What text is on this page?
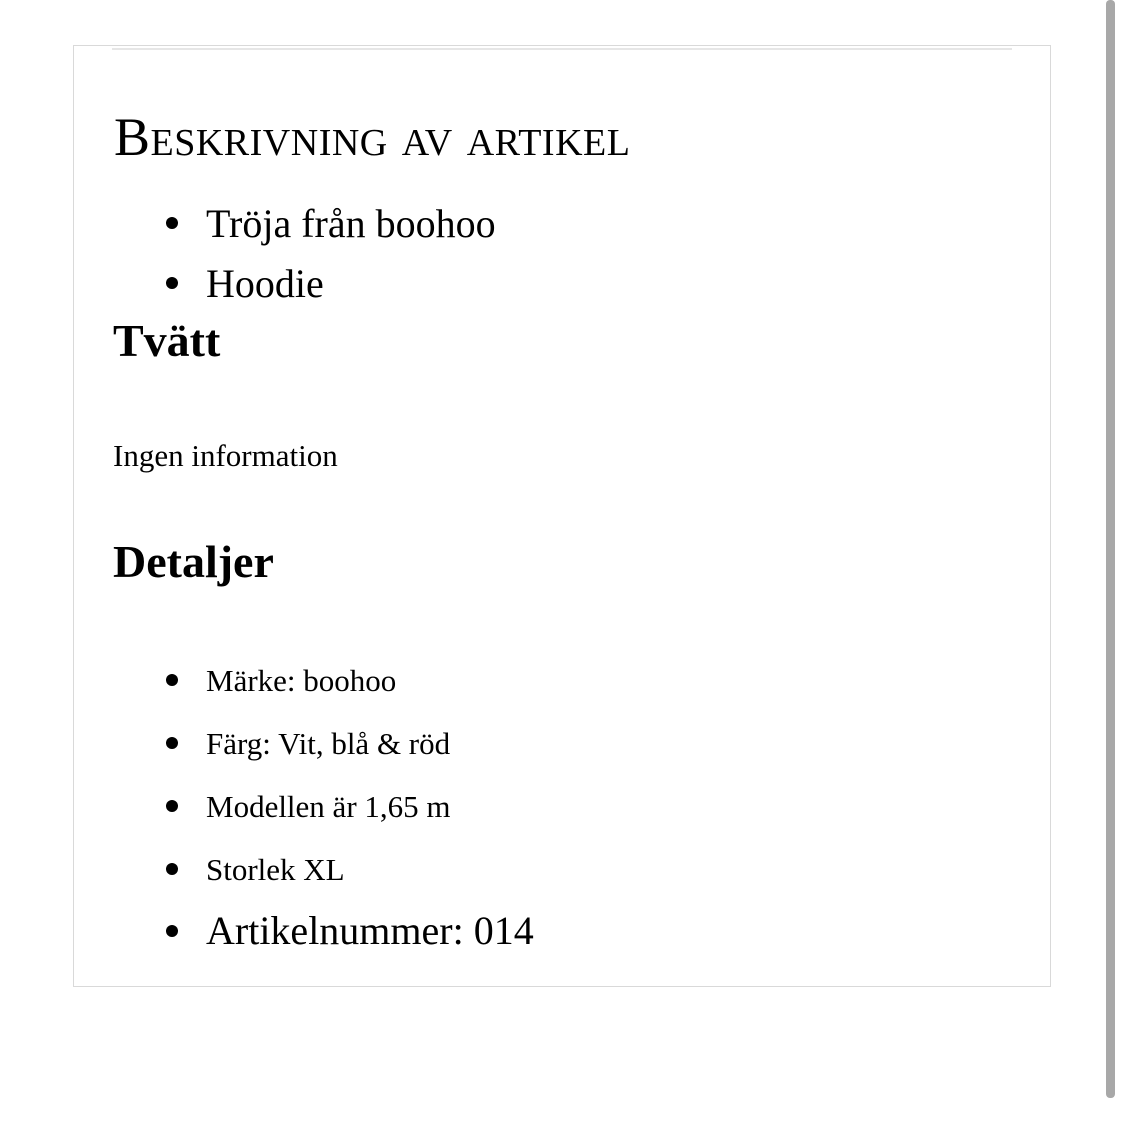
Beskrivning av artikel
Tröja från boohoo
Hoodie
Tvätt

Ingen information

Detaljer
Märke: boohoo
Färg: Vit, blå & röd
Modellen är 1,65 m
Storlek XL
Artikelnummer: 014
